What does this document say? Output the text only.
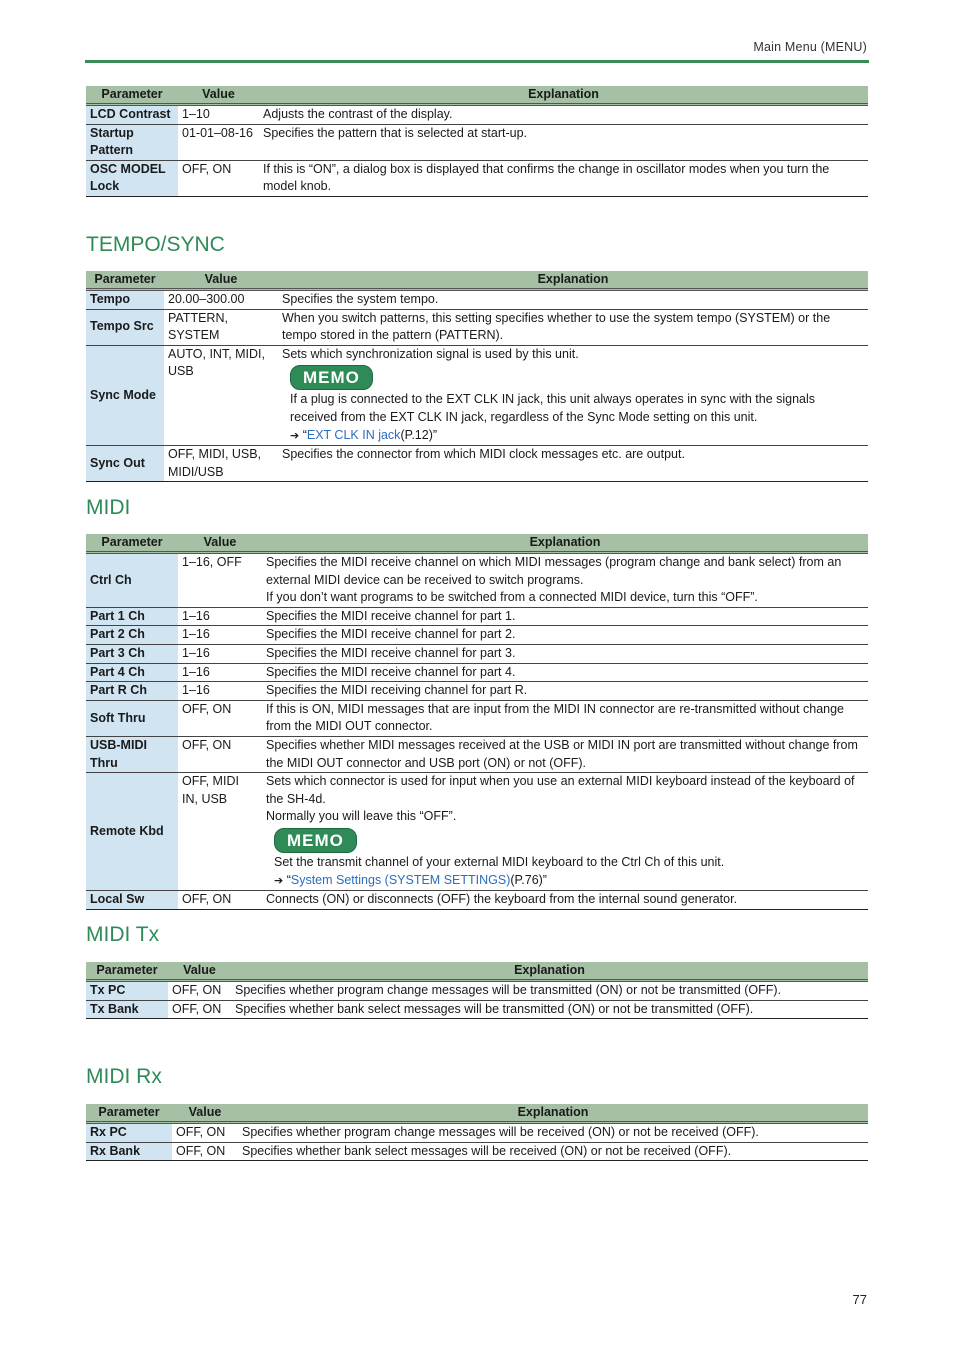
Main Menu (MENU)
Parameter	Value	Explanation
LCD Contrast	1–10	Adjusts the contrast of the display.
Startup Pattern	01-01–08-16	Specifies the pattern that is selected at start-up.
OSC MODEL Lock	OFF, ON	If this is “ON”, a dialog box is displayed that confirms the change in oscillator modes when you turn the model knob.
TEMPO/SYNC
Parameter	Value	Explanation
Tempo	20.00–300.00	Specifies the system tempo.
Tempo Src	PATTERN, SYSTEM	When you switch patterns, this setting specifies whether to use the system tempo (SYSTEM) or the tempo stored in the pattern (PATTERN).
Sync Mode	AUTO, INT, MIDI, USB	Sets which synchronization signal is used by this unit.
MEMO
If a plug is connected to the EXT CLK IN jack, this unit always operates in sync with the signals received from the EXT CLK IN jack, regardless of the Sync Mode setting on this unit.
➔ “EXT CLK IN jack(P.12)”

Sync Out	OFF, MIDI, USB, MIDI/USB	Specifies the connector from which MIDI clock messages etc. are output.
MIDI
Parameter	Value	Explanation
Ctrl Ch	1–16, OFF	Specifies the MIDI receive channel on which MIDI messages (program change and bank select) from an external MIDI device can be received to switch programs.
If you don’t want programs to be switched from a connected MIDI device, turn this “OFF”.
Part 1 Ch	1–16	Specifies the MIDI receive channel for part 1.
Part 2 Ch	1–16	Specifies the MIDI receive channel for part 2.
Part 3 Ch	1–16	Specifies the MIDI receive channel for part 3.
Part 4 Ch	1–16	Specifies the MIDI receive channel for part 4.
Part R Ch	1–16	Specifies the MIDI receiving channel for part R.
Soft Thru	OFF, ON	If this is ON, MIDI messages that are input from the MIDI IN connector are re-transmitted without change from the MIDI OUT connector.
USB-MIDI Thru	OFF, ON	Specifies whether MIDI messages received at the USB or MIDI IN port are transmitted without change from the MIDI OUT connector and USB port (ON) or not (OFF).
Remote Kbd	OFF, MIDI IN, USB	Sets which connector is used for input when you use an external MIDI keyboard instead of the keyboard of the SH-4d.
Normally you will leave this “OFF”.
MEMO
Set the transmit channel of your external MIDI keyboard to the Ctrl Ch of this unit.
➔ “System Settings (SYSTEM SETTINGS)(P.76)”

Local Sw	OFF, ON	Connects (ON) or disconnects (OFF) the keyboard from the internal sound generator.
MIDI Tx
Parameter	Value	Explanation
Tx PC	OFF, ON	Specifies whether program change messages will be transmitted (ON) or not be transmitted (OFF).
Tx Bank	OFF, ON	Specifies whether bank select messages will be transmitted (ON) or not be transmitted (OFF).
MIDI Rx
Parameter	Value	Explanation
Rx PC	OFF, ON	Specifies whether program change messages will be received (ON) or not be received (OFF).
Rx Bank	OFF, ON	Specifies whether bank select messages will be received (ON) or not be received (OFF).
77
